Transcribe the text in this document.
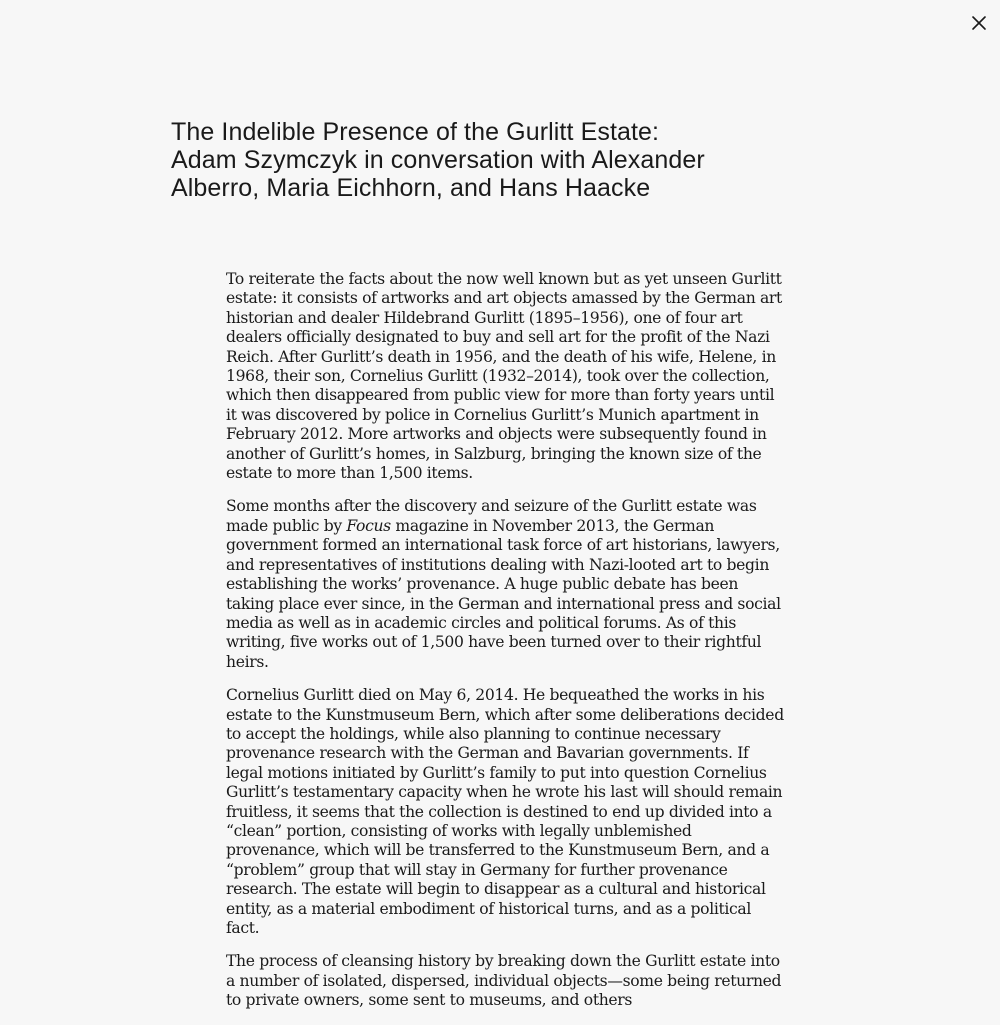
The Indelible Presence of the Gurlitt Estate:
Adam Szymczyk in conversation with Alexander
Alberro, Maria Eichhorn, and Hans Haacke

To reiterate the facts about the now well known but as yet unseen Gurlitt estate: it consists of artworks and art objects amassed by the German art historian and dealer Hildebrand Gurlitt (1895–1956), one of four art dealers officially designated to buy and sell art for the profit of the Nazi Reich. After Gurlitt’s death in 1956, and the death of his wife, Helene, in 1968, their son, Cornelius Gurlitt (1932–2014), took over the collection, which then disappeared from public view for more than forty years until it was discovered by police in Cornelius Gurlitt’s Munich apartment in February 2012. More artworks and objects were subsequently found in another of Gurlitt’s homes, in Salzburg, bringing the known size of the estate to more than 1,500 items.

Some months after the discovery and seizure of the Gurlitt estate was made public by Focus magazine in November 2013, the German government formed an international task force of art historians, lawyers, and representatives of institutions dealing with Nazi-looted art to begin establishing the works’ provenance. A huge public debate has been taking place ever since, in the German and international press and social media as well as in academic circles and political forums. As of this writing, five works out of 1,500 have been turned over to their rightful heirs.

Cornelius Gurlitt died on May 6, 2014. He bequeathed the works in his estate to the Kunstmuseum Bern, which after some deliberations decided to accept the holdings, while also planning to continue necessary provenance research with the German and Bavarian governments. If legal motions initiated by Gurlitt’s family to put into question Cornelius Gurlitt’s testamentary capacity when he wrote his last will should remain fruitless, it seems that the collection is destined to end up divided into a “clean” portion, consisting of works with legally unblemished provenance, which will be transferred to the Kunstmuseum Bern, and a “problem” group that will stay in Germany for further provenance research. The estate will begin to disappear as a cultural and historical entity, as a material embodiment of historical turns, and as a political fact.

The process of cleansing history by breaking down the Gurlitt estate into a number of isolated, dispersed, individual objects—some being returned to private owners, some sent to museums, and others
